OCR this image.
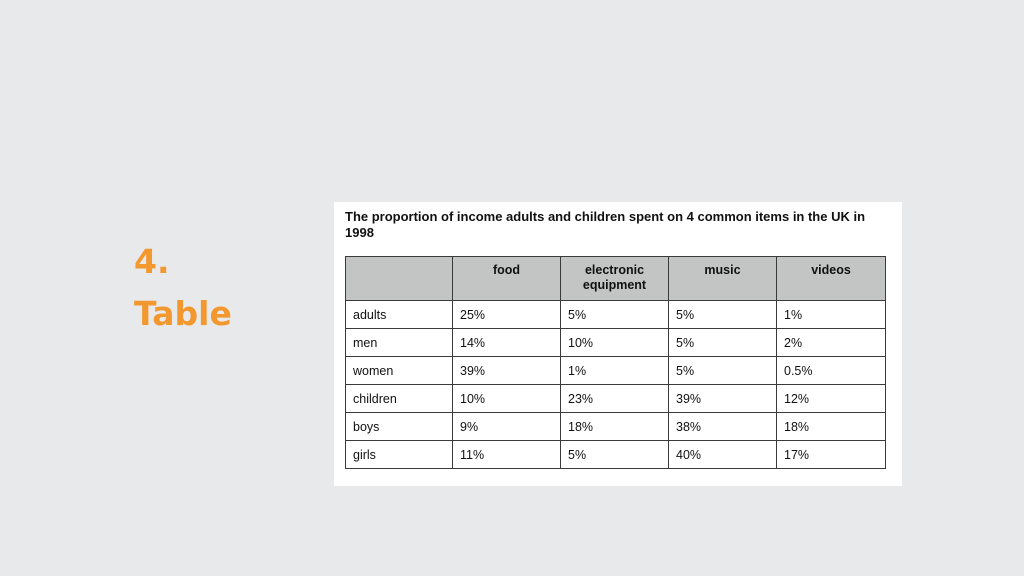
4.
Table
The proportion of income adults and children spent on 4 common items in the UK in 1998
	food	electronic equipment	music	videos
adults	25%	5%	5%	1%
men	14%	10%	5%	2%
women	39%	1%	5%	0.5%
children	10%	23%	39%	12%
boys	9%	18%	38%	18%
girls	11%	5%	40%	17%
